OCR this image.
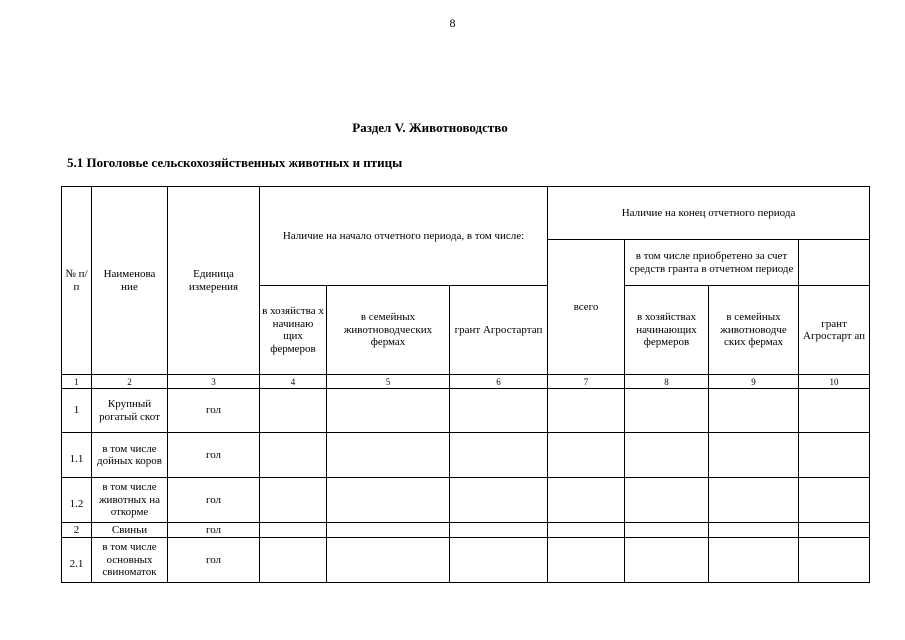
8
Раздел V. Животноводство
5.1 Поголовье сельскохозяйственных животных и птицы
№ п/п	Наименова ние	Единица измерения	Наличие на начало отчетного периода, в том числе:			Наличие на конец отчетного периода			
						всего	в том числе приобретено за счет средств гранта в отчетном периоде		
			в хозяйства х начинаю щих фермеров	в семейных животноводческих фермах	грант Агростартап		в хозяйствах начинающих фермеров	в семейных животноводче ских фермах	грант Агростарт ап
1	2	3	4	5	6	7	8	9	10
1	Крупный рогатый скот	гол							
1.1	в том числе дойных коров	гол							
1.2	в том числе животных на откорме	гол							
2	Свиньи	гол							
2.1	в том числе основных свиноматок	гол							
